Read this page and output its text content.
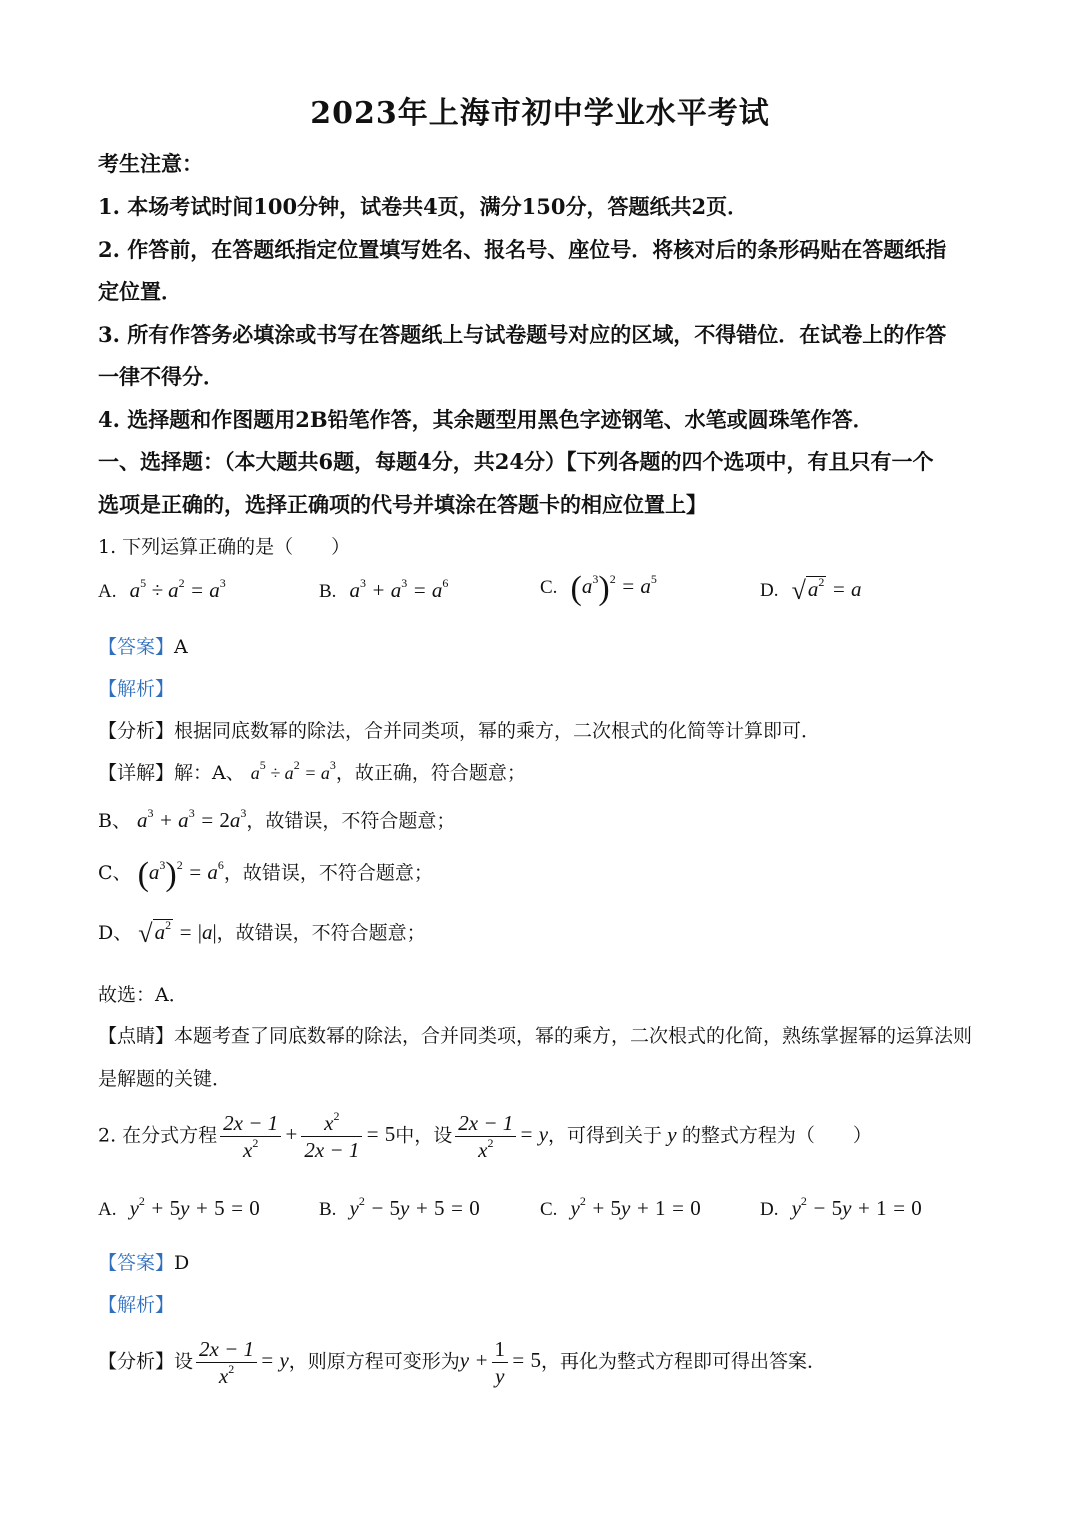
2023年上海市初中学业水平考试
考生注意：
1. 本场考试时间100分钟，试卷共4页，满分150分，答题纸共2页．
2. 作答前，在答题纸指定位置填写姓名、报名号、座位号．将核对后的条形码贴在答题纸指
定位置．
3. 所有作答务必填涂或书写在答题纸上与试卷题号对应的区域，不得错位．在试卷上的作答
一律不得分．
4. 选择题和作图题用2B铅笔作答，其余题型用黑色字迹钢笔、水笔或圆珠笔作答．
一、选择题：（本大题共6题，每题4分，共24分）【下列各题的四个选项中，有且只有一个
选项是正确的，选择正确项的代号并填涂在答题卡的相应位置上】
1. 下列运算正确的是（　　）
A. $a^5 \div a^2 = a^3$	B. $a^3 + a^3 = a^6$	C. $(a^3)^2 = a^5$
D. $√a^2 = a$
【答案】A
【解析】
【分析】根据同底数幂的除法，合并同类项，幂的乘方，二次根式的化简等计算即可．
【详解】解：A、 $a^5 \div a^2 = a^3$，故正确，符合题意；
B、 $a^3 + a^3 = 2a^3$，故错误，不符合题意；
C、 $(a^3)^2 = a^6$，故错误，不符合题意；
D、 $√a^2 = |a|$，故错误，不符合题意；
故选：A．
【点睛】本题考查了同底数幂的除法，合并同类项，幂的乘方，二次根式的化简，熟练掌握幂的运算法则
是解题的关键．
2. 在分式方程 $\frac{2x - 1}{x^2} + \frac{x^2}{2x - 1} = 5$中，设 $\frac{2x - 1}{x^2} = y$，可得到关于 y 的整式方程为（　　）
A. $y^2 + 5y + 5 = 0$	B. $y^2 - 5y + 5 = 0$	C. $y^2 + 5y + 1 = 0$	D. $y^2 - 5y + 1 = 0$
【答案】D
【解析】
【分析】设 $\frac{2x - 1}{x^2} = y$，则原方程可变形为$y + \frac{1}{y} = 5$，再化为整式方程即可得出答案．
